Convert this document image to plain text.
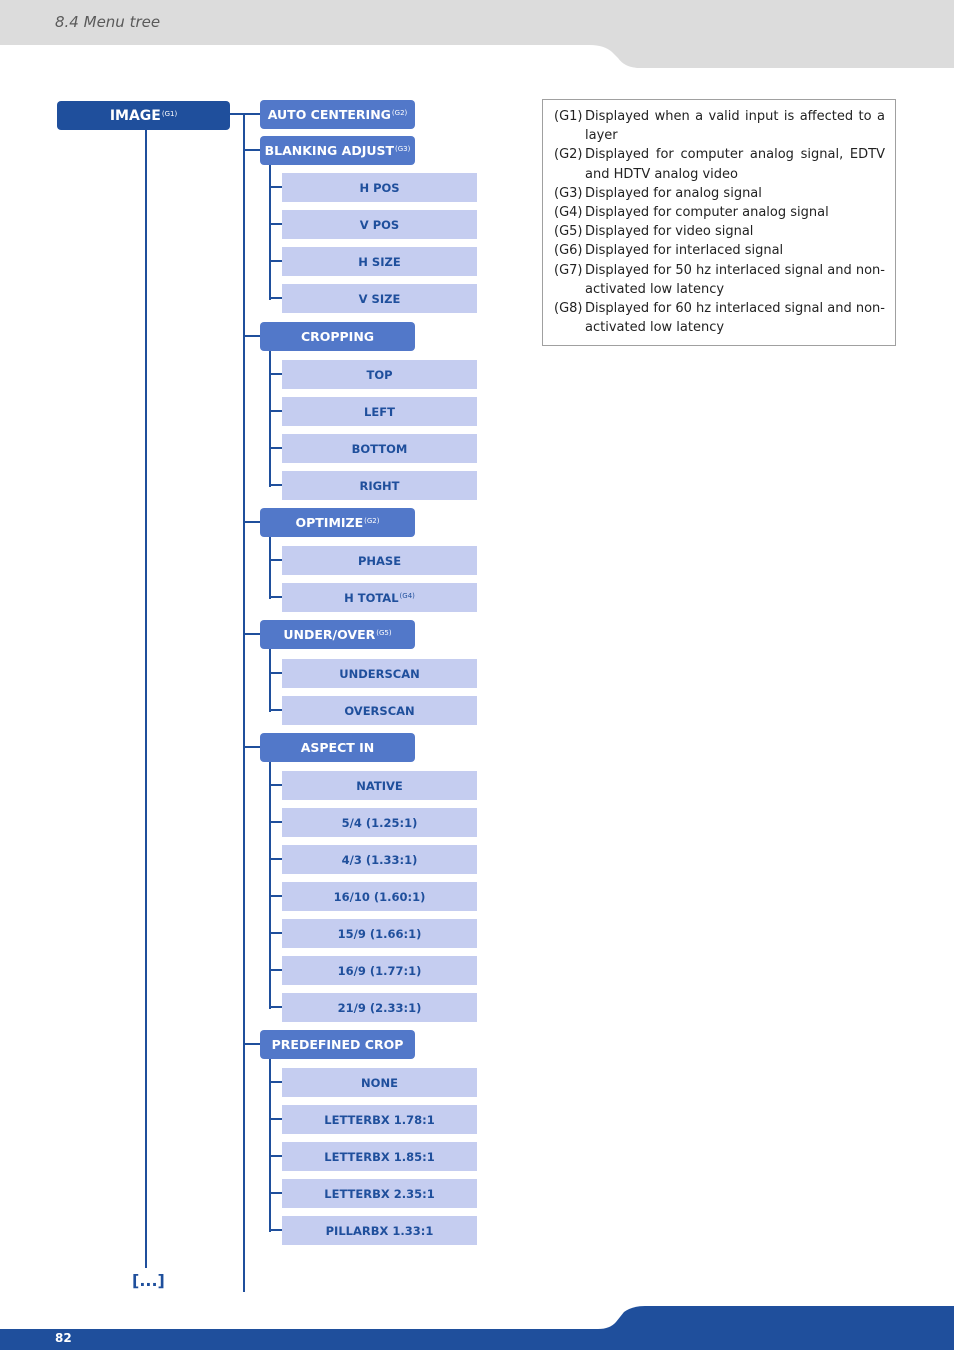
8.4 Menu tree
82
$IMAGE^{(G1)}$
[...]
AUTO $CENTERING^{(G2)}$
BLANKING $ADJUST^{(G3)}$
H POS
V POS
H SIZE
V SIZE
CROPPING
TOP
LEFT
BOTTOM
RIGHT
$OPTIMIZE^{(G2)}$
PHASE
H $TOTAL^{(G4)}$
UNDER/$OVER^{(G5)}$
UNDERSCAN
OVERSCAN
ASPECT IN
NATIVE
5/4 (1.25:1)
4/3 (1.33:1)
16/10 (1.60:1)
15/9 (1.66:1)
16/9 (1.77:1)
21/9 (2.33:1)
PREDEFINED CROP
NONE
LETTERBX 1.78:1
LETTERBX 1.85:1
LETTERBX 2.35:1
PILLARBX 1.33:1
(G1) Displayed when a valid input is affected to a layer
(G2) Displayed for computer analog signal, EDTV and HDTV analog video
(G3) Displayed for analog signal
(G4) Displayed for computer analog signal
(G5) Displayed for video signal
(G6) Displayed for interlaced signal
(G7) Displayed for 50 hz interlaced signal and non-activated low latency
(G8) Displayed for 60 hz interlaced signal and non-activated low latency
